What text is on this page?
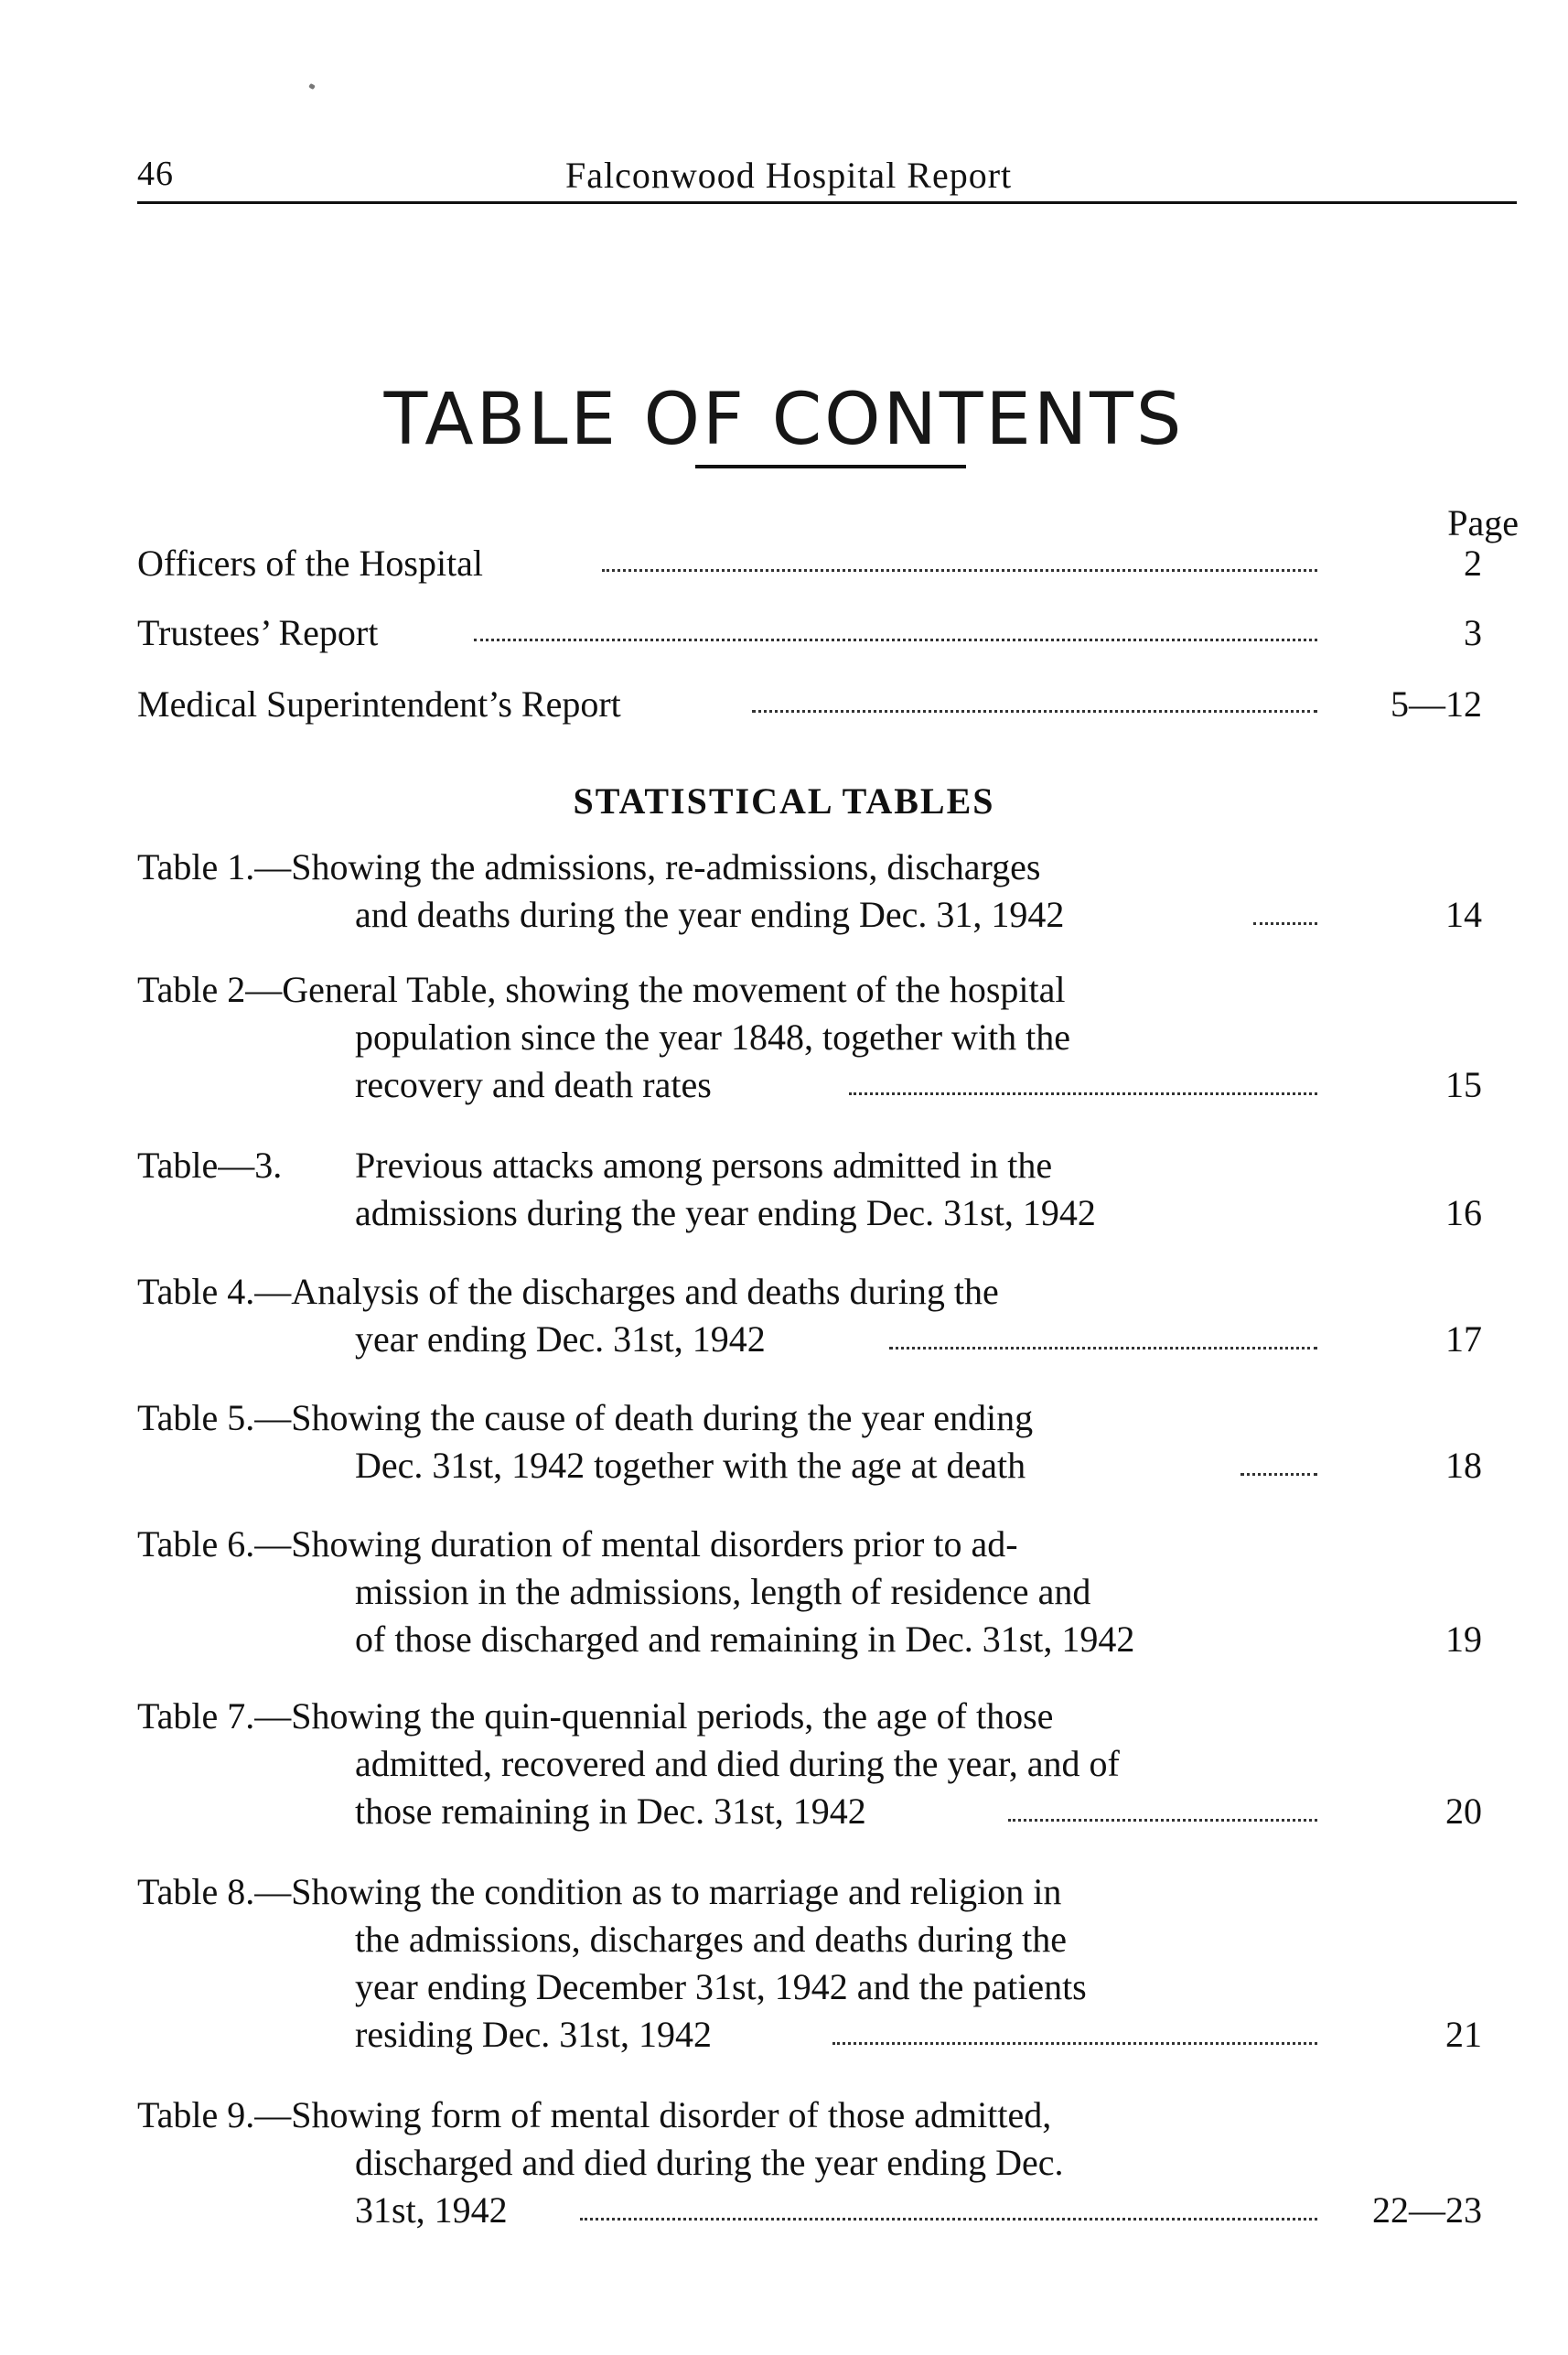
46	Falconwood Hospital Report
TABLE OF CONTENTS
Page
Officers of the Hospital	2
Trustees’ Report	3
Medical Superintendent’s Report	5—12
STATISTICAL TABLES
Table 1.—Showing the admissions, re-admissions, discharges
and deaths during the year ending Dec. 31, 1942	14
Table 2—General Table, showing the movement of the hospital
population since the year 1848, together with the
recovery and death rates	15
Table—3. Previous attacks among persons admitted in the
admissions during the year ending Dec. 31st, 1942	16
Table 4.—Analysis of the discharges and deaths during the
year ending Dec. 31st, 1942	17
Table 5.—Showing the cause of death during the year ending
Dec. 31st, 1942 together with the age at death	18
Table 6.—Showing duration of mental disorders prior to ad-
mission in the admissions, length of residence and
of those discharged and remaining in Dec. 31st, 1942	19
Table 7.—Showing the quin-quennial periods, the age of those
admitted, recovered and died during the year, and of
those remaining in Dec. 31st, 1942	20
Table 8.—Showing the condition as to marriage and religion in
the admissions, discharges and deaths during the
year ending December 31st, 1942 and the patients
residing Dec. 31st, 1942	21
Table 9.—Showing form of mental disorder of those admitted,
discharged and died during the year ending Dec.
31st, 1942	22—23
